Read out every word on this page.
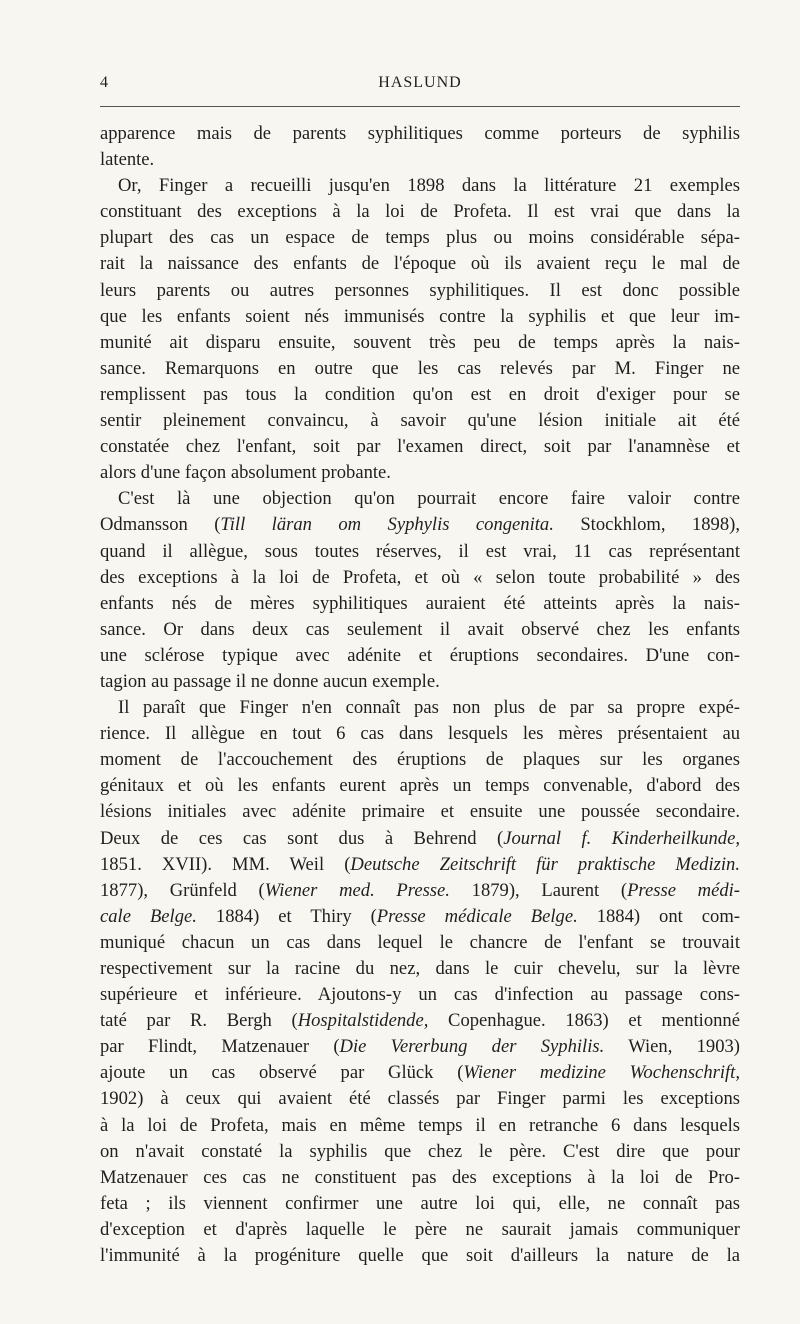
4	HASLUND
apparence mais de parents syphilitiques comme porteurs de syphilis
latente.
Or, Finger a recueilli jusqu'en 1898 dans la littérature 21 exemples
constituant des exceptions à la loi de Profeta. Il est vrai que dans la
plupart des cas un espace de temps plus ou moins considérable sépa-
rait la naissance des enfants de l'époque où ils avaient reçu le mal de
leurs parents ou autres personnes syphilitiques. Il est donc possible
que les enfants soient nés immunisés contre la syphilis et que leur im-
munité ait disparu ensuite, souvent très peu de temps après la nais-
sance. Remarquons en outre que les cas relevés par M. Finger ne
remplissent pas tous la condition qu'on est en droit d'exiger pour se
sentir pleinement convaincu, à savoir qu'une lésion initiale ait été
constatée chez l'enfant, soit par l'examen direct, soit par l'anamnèse et
alors d'une façon absolument probante.
C'est là une objection qu'on pourrait encore faire valoir contre
Odmansson (Till läran om Syphylis congenita. Stockhlom, 1898),
quand il allègue, sous toutes réserves, il est vrai, 11 cas représentant
des exceptions à la loi de Profeta, et où « selon toute probabilité » des
enfants nés de mères syphilitiques auraient été atteints après la nais-
sance. Or dans deux cas seulement il avait observé chez les enfants
une sclérose typique avec adénite et éruptions secondaires. D'une con-
tagion au passage il ne donne aucun exemple.
Il paraît que Finger n'en connaît pas non plus de par sa propre expé-
rience. Il allègue en tout 6 cas dans lesquels les mères présentaient au
moment de l'accouchement des éruptions de plaques sur les organes
génitaux et où les enfants eurent après un temps convenable, d'abord des
lésions initiales avec adénite primaire et ensuite une poussée secondaire.
Deux de ces cas sont dus à Behrend (Journal f. Kinderheilkunde,
1851. XVII). MM. Weil (Deutsche Zeitschrift für praktische Medizin.
1877), Grünfeld (Wiener med. Presse. 1879), Laurent (Presse médi-
cale Belge. 1884) et Thiry (Presse médicale Belge. 1884) ont com-
muniqué chacun un cas dans lequel le chancre de l'enfant se trouvait
respectivement sur la racine du nez, dans le cuir chevelu, sur la lèvre
supérieure et inférieure. Ajoutons-y un cas d'infection au passage cons-
taté par R. Bergh (Hospitalstidende, Copenhague. 1863) et mentionné
par Flindt, Matzenauer (Die Vererbung der Syphilis. Wien, 1903)
ajoute un cas observé par Glück (Wiener medizine Wochenschrift,
1902) à ceux qui avaient été classés par Finger parmi les exceptions
à la loi de Profeta, mais en même temps il en retranche 6 dans lesquels
on n'avait constaté la syphilis que chez le père. C'est dire que pour
Matzenauer ces cas ne constituent pas des exceptions à la loi de Pro-
feta ; ils viennent confirmer une autre loi qui, elle, ne connaît pas
d'exception et d'après laquelle le père ne saurait jamais communiquer
l'immunité à la progéniture quelle que soit d'ailleurs la nature de la
